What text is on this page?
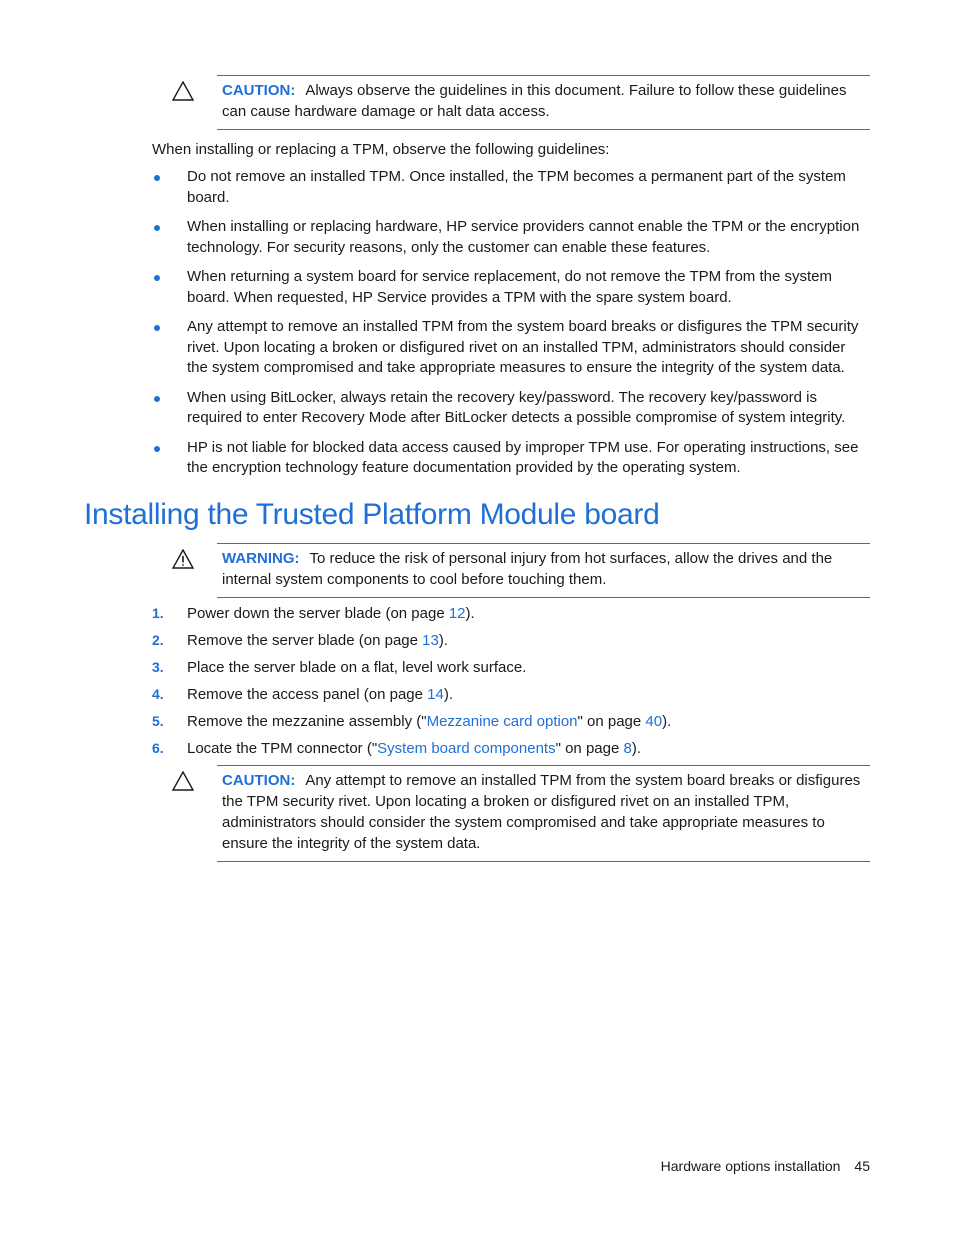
CAUTION: Always observe the guidelines in this document. Failure to follow these guidelines can cause hardware damage or halt data access.
When installing or replacing a TPM, observe the following guidelines:
Do not remove an installed TPM. Once installed, the TPM becomes a permanent part of the system board.
When installing or replacing hardware, HP service providers cannot enable the TPM or the encryption technology. For security reasons, only the customer can enable these features.
When returning a system board for service replacement, do not remove the TPM from the system board. When requested, HP Service provides a TPM with the spare system board.
Any attempt to remove an installed TPM from the system board breaks or disfigures the TPM security rivet. Upon locating a broken or disfigured rivet on an installed TPM, administrators should consider the system compromised and take appropriate measures to ensure the integrity of the system data.
When using BitLocker, always retain the recovery key/password. The recovery key/password is required to enter Recovery Mode after BitLocker detects a possible compromise of system integrity.
HP is not liable for blocked data access caused by improper TPM use. For operating instructions, see the encryption technology feature documentation provided by the operating system.
Installing the Trusted Platform Module board
WARNING: To reduce the risk of personal injury from hot surfaces, allow the drives and the internal system components to cool before touching them.
1. Power down the server blade (on page 12).
2. Remove the server blade (on page 13).
3. Place the server blade on a flat, level work surface.
4. Remove the access panel (on page 14).
5. Remove the mezzanine assembly ("Mezzanine card option" on page 40).
6. Locate the TPM connector ("System board components" on page 8).
CAUTION: Any attempt to remove an installed TPM from the system board breaks or disfigures the TPM security rivet. Upon locating a broken or disfigured rivet on an installed TPM, administrators should consider the system compromised and take appropriate measures to ensure the integrity of the system data.
Hardware options installation 45
